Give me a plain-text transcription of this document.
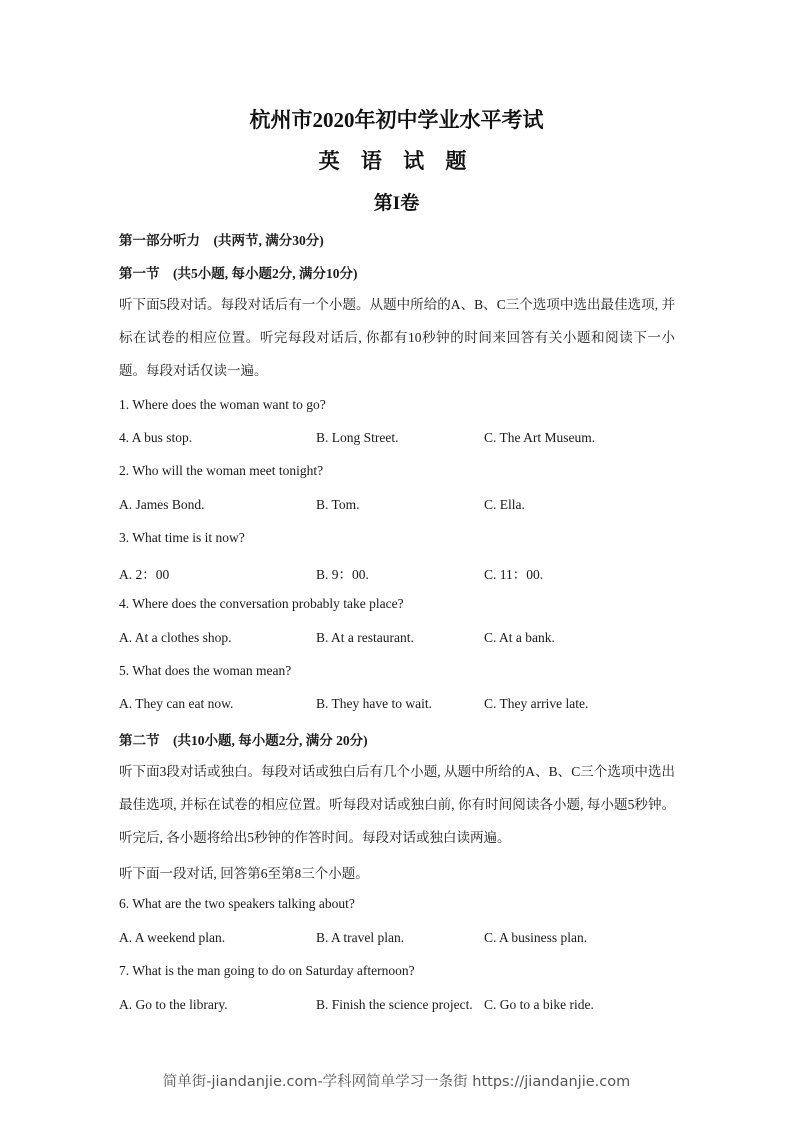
杭州市2020年初中学业水平考试
英 语 试 题
第I卷
第一部分听力　(共两节, 满分30分)
第一节　(共5小题, 每小题2分, 满分10分)
听下面5段对话。每段对话后有一个小题。从题中所给的A、B、C三个选项中选出最佳选项, 并标在试卷的相应位置。听完每段对话后, 你都有10秒钟的时间来回答有关小题和阅读下一小题。每段对话仅读一遍。
1. Where does the woman want to go?
4. A bus stop.	B. Long Street.	C. The Art Museum.
2. Who will the woman meet tonight?
A. James Bond.	B. Tom.	C. Ella.
3. What time is it now?
A. 2：00	B. 9：00.	C. 11：00.
4. Where does the conversation probably take place?
A. At a clothes shop.	B. At a restaurant.	C. At a bank.
5. What does the woman mean?
A. They can eat now.	B. They have to wait.	C. They arrive late.
第二节　(共10小题, 每小题2分, 满分 20分)
听下面3段对话或独白。每段对话或独白后有几个小题, 从题中所给的A、B、C三个选项中选出最佳选项, 并标在试卷的相应位置。听每段对话或独白前, 你有时间阅读各小题, 每小题5秒钟。听完后, 各小题将给出5秒钟的作答时间。每段对话或独白读两遍。
听下面一段对话, 回答第6至第8三个小题。
6. What are the two speakers talking about?
A. A weekend plan.	B. A travel plan.	C. A business plan.
7. What is the man going to do on Saturday afternoon?
A. Go to the library.	B. Finish the science project. C. Go to a bike ride.
简单街-jiandanjie.com-学科网简单学习一条街 https://jiandanjie.com
